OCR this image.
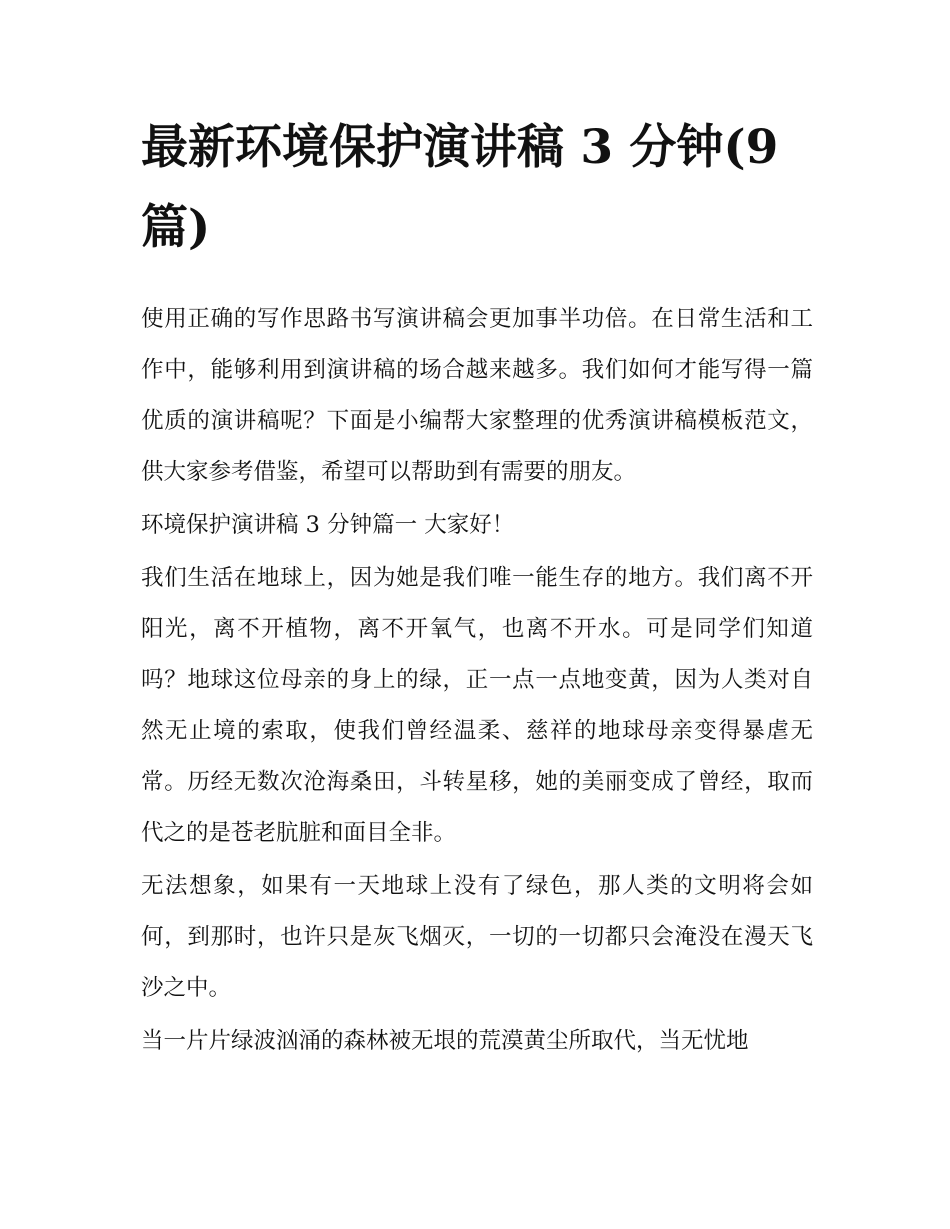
最新环境保护演讲稿 3 分钟(9 篇)

使用正确的写作思路书写演讲稿会更加事半功倍。在日常生活和工作中，能够利用到演讲稿的场合越来越多。我们如何才能写得一篇优质的演讲稿呢？下面是小编帮大家整理的优秀演讲稿模板范文，供大家参考借鉴，希望可以帮助到有需要的朋友。

环境保护演讲稿 3 分钟篇一 大家好！

我们生活在地球上，因为她是我们唯一能生存的地方。我们离不开阳光，离不开植物，离不开氧气，也离不开水。可是同学们知道吗？地球这位母亲的身上的绿，正一点一点地变黄，因为人类对自然无止境的索取，使我们曾经温柔、慈祥的地球母亲变得暴虐无常。历经无数次沧海桑田，斗转星移，她的美丽变成了曾经，取而代之的是苍老肮脏和面目全非。

无法想象，如果有一天地球上没有了绿色，那人类的文明将会如何，到那时，也许只是灰飞烟灭，一切的一切都只会淹没在漫天飞沙之中。

当一片片绿波汹涌的森林被无垠的荒漠黄尘所取代，当无忧地
